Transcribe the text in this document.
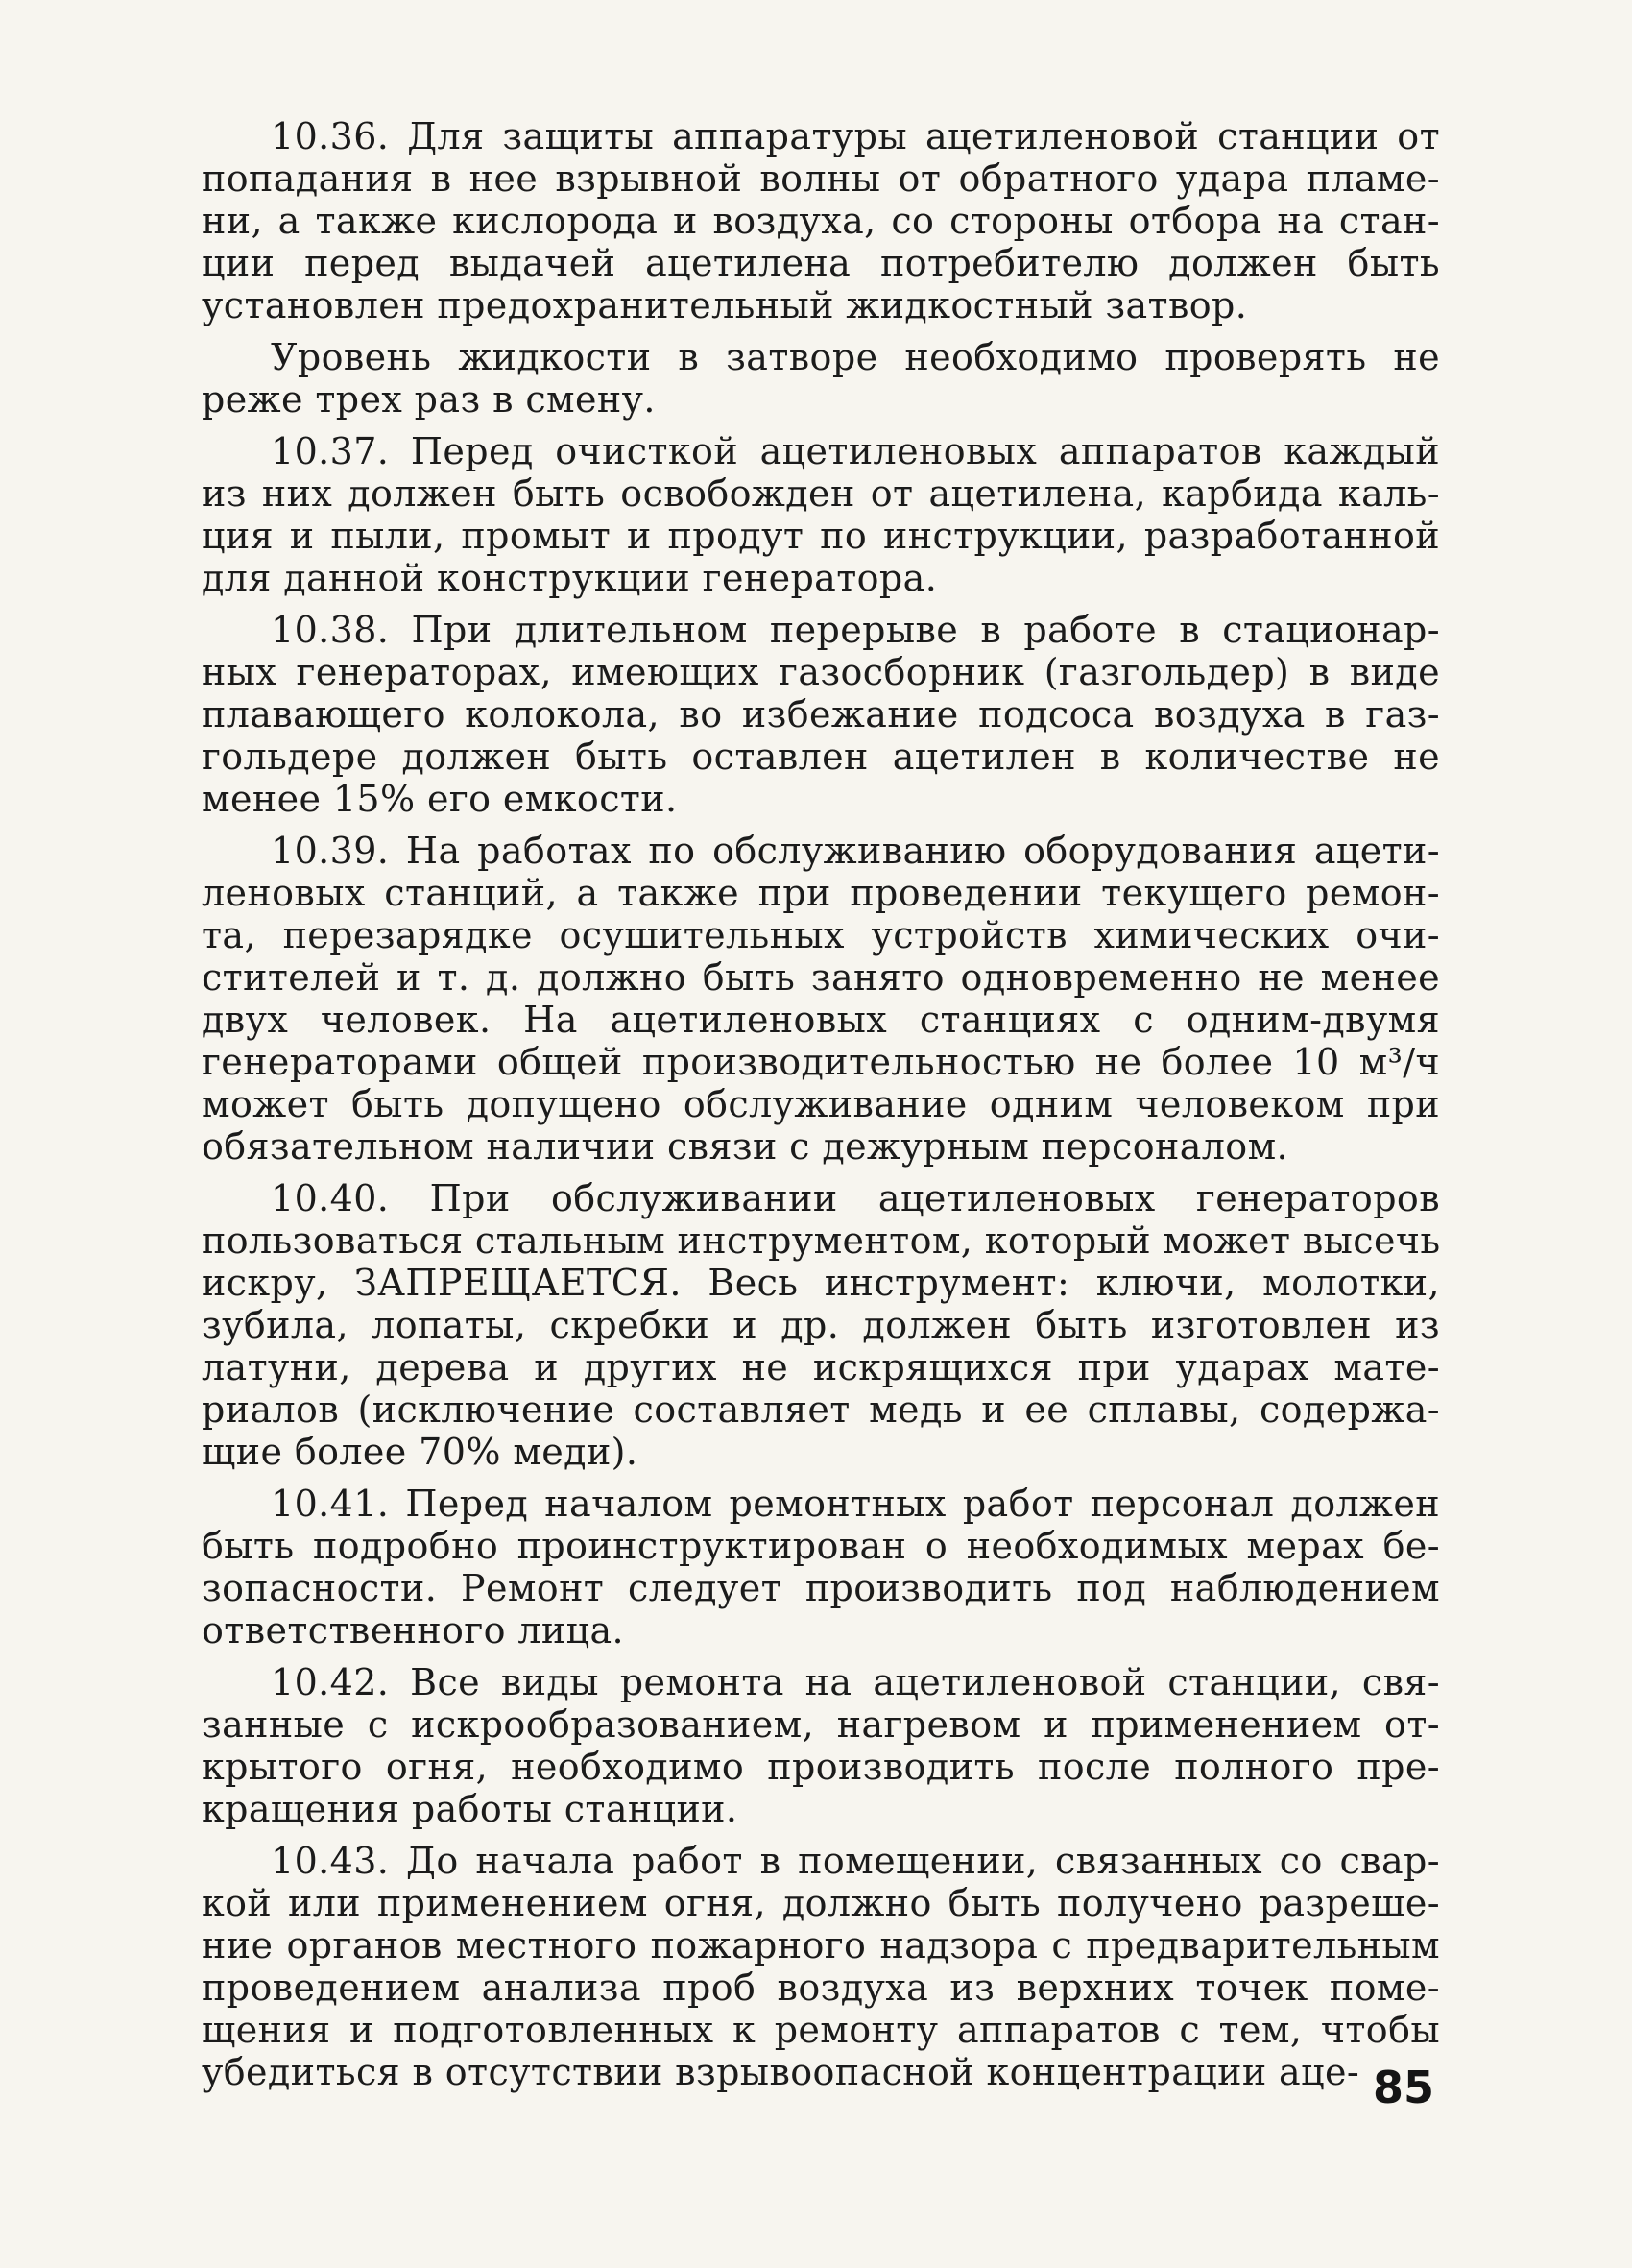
10.36. Для защиты аппаратуры ацетиленовой станции от
попадания в нее взрывной волны от обратного удара пламе-
ни, а также кислорода и воздуха, со стороны отбора на стан-
ции перед выдачей ацетилена потребителю должен быть
установлен предохранительный жидкостный затвор.
Уровень жидкости в затворе необходимо проверять не
реже трех раз в смену.
10.37. Перед очисткой ацетиленовых аппаратов каждый
из них должен быть освобожден от ацетилена, карбида каль-
ция и пыли, промыт и продут по инструкции, разработанной
для данной конструкции генератора.
10.38. При длительном перерыве в работе в стационар-
ных генераторах, имеющих газосборник (газгольдер) в виде
плавающего колокола, во избежание подсоса воздуха в газ-
гольдере должен быть оставлен ацетилен в количестве не
менее 15% его емкости.
10.39. На работах по обслуживанию оборудования ацети-
леновых станций, а также при проведении текущего ремон-
та, перезарядке осушительных устройств химических очи-
стителей и т. д. должно быть занято одновременно не менее
двух человек. На ацетиленовых станциях с одним-двумя
генераторами общей производительностью не более 10 м³/ч
может быть допущено обслуживание одним человеком при
обязательном наличии связи с дежурным персоналом.
10.40. При обслуживании ацетиленовых генераторов
пользоваться стальным инструментом, который может высечь
искру, ЗАПРЕЩАЕТСЯ. Весь инструмент: ключи, молотки,
зубила, лопаты, скребки и др. должен быть изготовлен из
латуни, дерева и других не искрящихся при ударах мате-
риалов (исключение составляет медь и ее сплавы, содержа-
щие более 70% меди).
10.41. Перед началом ремонтных работ персонал должен
быть подробно проинструктирован о необходимых мерах бе-
зопасности. Ремонт следует производить под наблюдением
ответственного лица.
10.42. Все виды ремонта на ацетиленовой станции, свя-
занные с искрообразованием, нагревом и применением от-
крытого огня, необходимо производить после полного пре-
кращения работы станции.
10.43. До начала работ в помещении, связанных со свар-
кой или применением огня, должно быть получено разреше-
ние органов местного пожарного надзора с предварительным
проведением анализа проб воздуха из верхних точек поме-
щения и подготовленных к ремонту аппаратов с тем, чтобы
убедиться в отсутствии взрывоопасной концентрации аце- 85
